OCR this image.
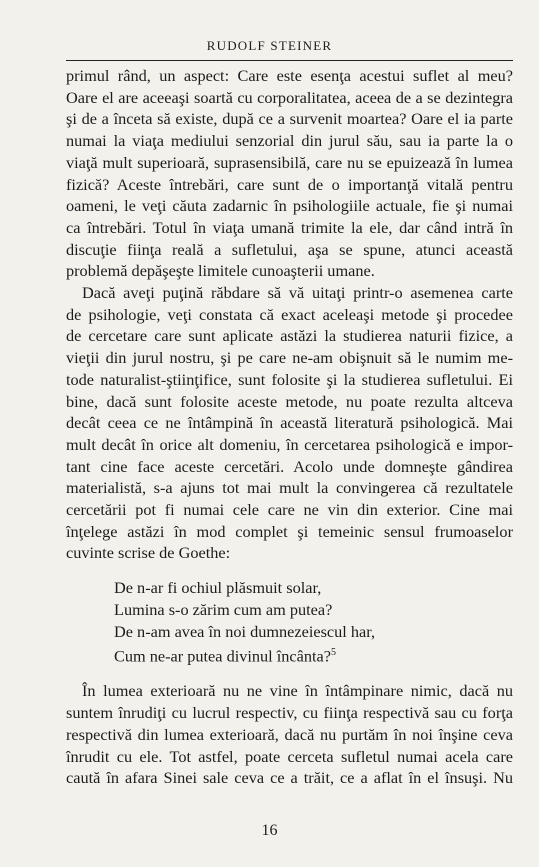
RUDOLF STEINER

primul rând, un aspect: Care este esenţa acestui suflet al meu?

Oare el are aceeaşi soartă cu corporalitatea, aceea de a se dezintegra

şi de a înceta să existe, după ce a survenit moartea? Oare el ia parte

numai la viaţa mediului senzorial din jurul său, sau ia parte la o

viaţă mult superioară, suprasensibilă, care nu se epuizează în lumea

fizică? Aceste întrebări, care sunt de o importanţă vitală pentru

oameni, le veţi căuta zadarnic în psihologiile actuale, fie şi numai

ca întrebări. Totul în viaţa umană trimite la ele, dar când intră în

discuţie fiinţa reală a sufletului, aşa se spune, atunci această

problemă depăşeşte limitele cunoaşterii umane.

Dacă aveţi puţină răbdare să vă uitaţi printr-o asemenea carte

de psihologie, veţi constata că exact aceleaşi metode şi procedee

de cercetare care sunt aplicate astăzi la studierea naturii fizice, a

vieţii din jurul nostru, şi pe care ne-am obişnuit să le numim me-

tode naturalist-ştiinţifice, sunt folosite şi la studierea sufletului. Ei

bine, dacă sunt folosite aceste metode, nu poate rezulta altceva

decât ceea ce ne întâmpină în această literatură psihologică. Mai

mult decât în orice alt domeniu, în cercetarea psihologică e impor-

tant cine face aceste cercetări. Acolo unde domneşte gândirea

materialistă, s-a ajuns tot mai mult la convingerea că rezultatele

cercetării pot fi numai cele care ne vin din exterior. Cine mai

înţelege astăzi în mod complet şi temeinic sensul frumoaselor

cuvinte scrise de Goethe:

De n-ar fi ochiul plăsmuit solar,
Lumina s-o zărim cum am putea?
De n-am avea în noi dumnezeiescul har,
Cum ne-ar putea divinul încânta?$^5$

În lumea exterioară nu ne vine în întâmpinare nimic, dacă nu

suntem înrudiţi cu lucrul respectiv, cu fiinţa respectivă sau cu forţa

respectivă din lumea exterioară, dacă nu purtăm în noi înşine ceva

înrudit cu ele. Tot astfel, poate cerceta sufletul numai acela care

caută în afara Sinei sale ceva ce a trăit, ce a aflat în el însuşi. Nu

16
